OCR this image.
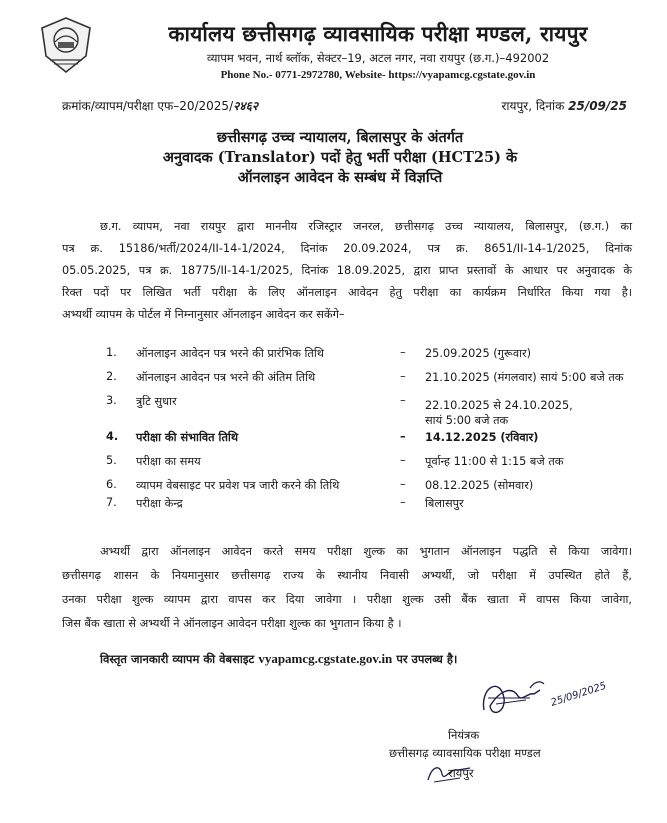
कार्यालय छत्तीसगढ़ व्यावसायिक परीक्षा मण्डल, रायपुर
व्यापम भवन, नार्थ ब्लॉक, सेक्टर–19, अटल नगर, नवा रायपुर (छ.ग.)–492002
Phone No.- 0771-2972780, Website- https://vyapamcg.cgstate.gov.in
क्रमांक/व्यापम/परीक्षा एफ–20/2025/२४६२	रायपुर, दिनांक 25/09/25
छत्तीसगढ़ उच्च न्यायालय, बिलासपुर के अंतर्गत
अनुवादक (Translator) पदों हेतु भर्ती परीक्षा (HCT25) के
ऑनलाइन आवेदन के सम्बंध में विज्ञप्ति
छ.ग. व्यापम, नवा रायपुर द्वारा माननीय रजिस्ट्रार जनरल, छत्तीसगढ़ उच्च न्यायालय, बिलासपुर, (छ.ग.) का
पत्र क्र. 15186/भर्ती/2024/II-14-1/2024, दिनांक 20.09.2024, पत्र क्र. 8651/II-14-1/2025, दिनांक
05.05.2025, पत्र क्र. 18775/II-14-1/2025, दिनांक 18.09.2025, द्वारा प्राप्त प्रस्तावों के आधार पर अनुवादक के
रिक्त पदों पर लिखित भर्ती परीक्षा के लिए ऑनलाइन आवेदन हेतु परीक्षा का कार्यक्रम निर्धारित किया गया है।
अभ्यर्थी व्यापम के पोर्टल में निम्नानुसार ऑनलाइन आवेदन कर सकेंगे–
1.	ऑनलाइन आवेदन पत्र भरने की प्रारंभिक तिथि	– 25.09.2025 (गुरूवार)
2.	ऑनलाइन आवेदन पत्र भरने की अंतिम तिथि	– 21.10.2025 (मंगलवार) सायं 5:00 बजे तक
3.	त्रुटि सुधार	– 22.10.2025 से 24.10.2025,
सायं 5:00 बजे तक
4.	परीक्षा की संभावित तिथि	– 14.12.2025 (रविवार)
5.	परीक्षा का समय	– पूर्वान्ह 11:00 से 1:15 बजे तक
6.	व्यापम वेबसाइट पर प्रवेश पत्र जारी करने की तिथि	– 08.12.2025 (सोमवार)
7.	परीक्षा केन्द्र	– बिलासपुर
अभ्यर्थी द्वारा ऑनलाइन आवेदन करते समय परीक्षा शुल्क का भुगतान ऑनलाइन पद्धति से किया जावेगा।
छत्तीसगढ़ शासन के नियमानुसार छत्तीसगढ़ राज्य के स्थानीय निवासी अभ्यर्थी, जो परीक्षा में उपस्थित होते हैं,
उनका परीक्षा शुल्क व्यापम द्वारा वापस कर दिया जावेगा । परीक्षा शुल्क उसी बैंक खाता में वापस किया जावेगा,
जिस बैंक खाता से अभ्यर्थी ने ऑनलाइन आवेदन परीक्षा शुल्क का भुगतान किया है ।
विस्तृत जानकारी व्यापम की वेबसाइट vyapamcg.cgstate.gov.in पर उपलब्ध है।
25/09/2025
नियंत्रक
छत्तीसगढ़ व्यावसायिक परीक्षा मण्डल
रायपुर
